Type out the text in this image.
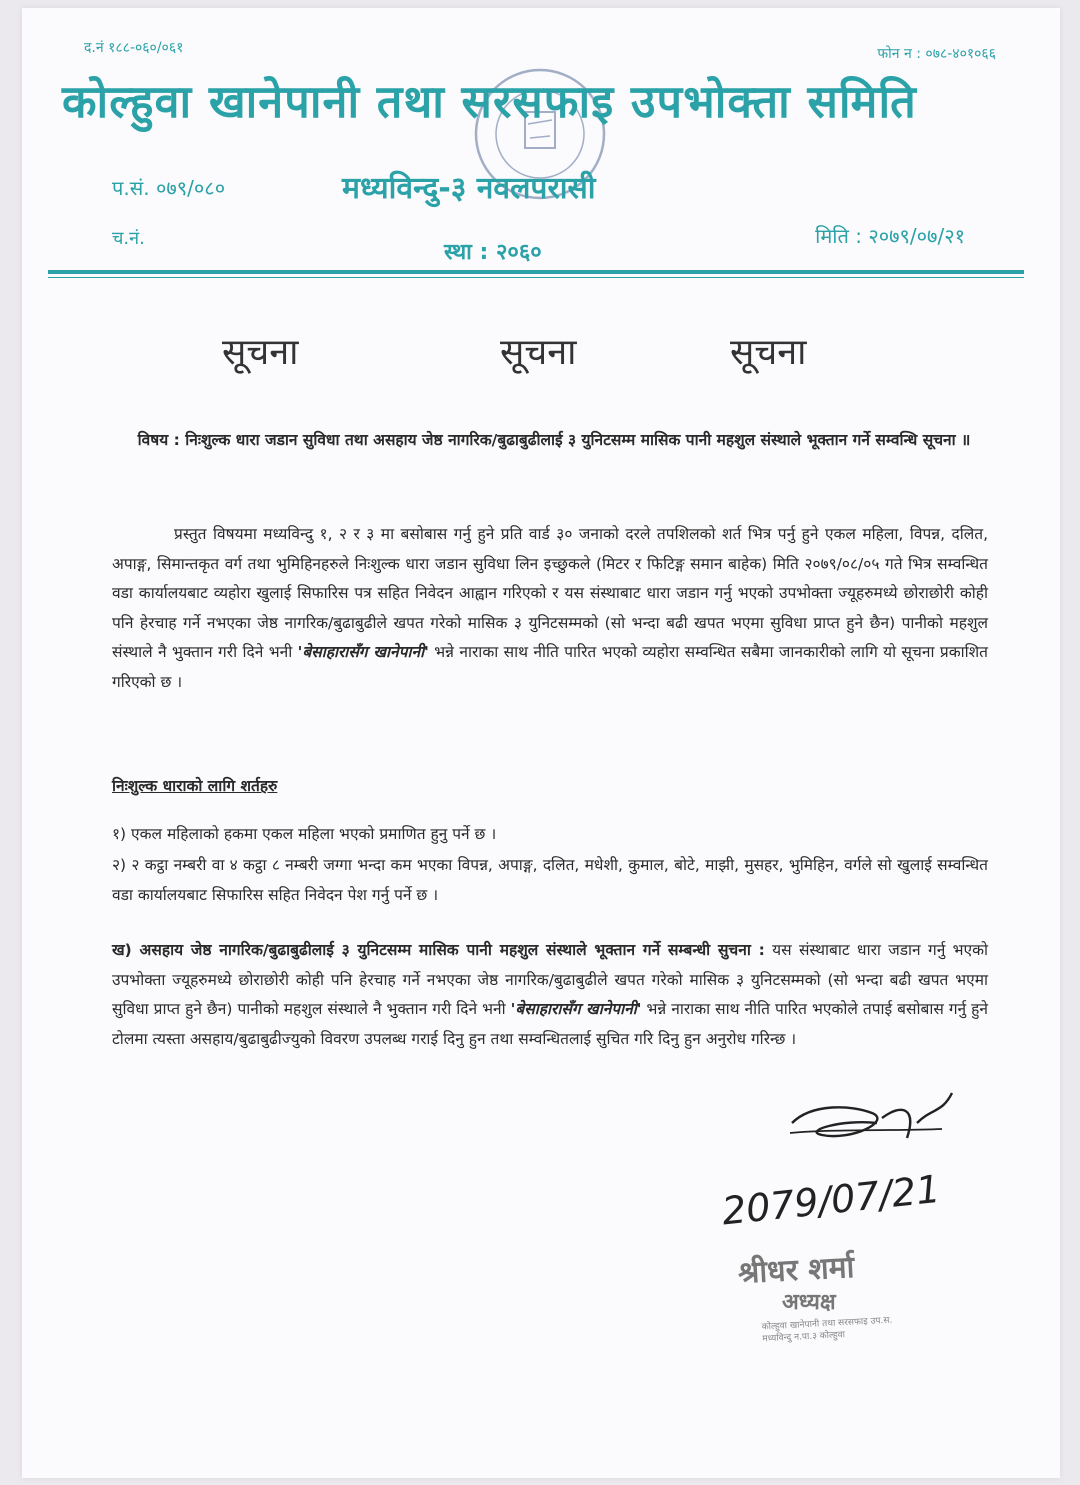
द.नं १८८-०६०/०६१	फोन न : ०७८-४०१०६६
कोल्हुवा खानेपानी तथा सरसफाइ उपभोक्ता समिति
प.सं. ०७९/०८०	मध्यविन्दु-३ नवलपरासी
च.नं.	मिति : २०७९/०७/२१
स्था : २०६०
सूचना	सूचना	सूचना
विषय : निःशुल्क धारा जडान सुविधा तथा असहाय जेष्ठ नागरिक/बुढाबुढीलाई ३ युनिटसम्म मासिक पानी महशुल संस्थाले भूक्तान गर्ने सम्वन्धि सूचना ॥
प्रस्तुत विषयमा मध्यविन्दु १, २ र ३ मा बसोबास गर्नु हुने प्रति वार्ड ३० जनाको दरले तपशिलको शर्त भित्र पर्नु हुने एकल महिला, विपन्न, दलित, अपाङ्ग, सिमान्तकृत वर्ग तथा भुमिहिनहरुले निःशुल्क धारा जडान सुविधा लिन इच्छुकले (मिटर र फिटिङ्ग समान बाहेक) मिति २०७९/०८/०५ गते भित्र सम्वन्धित वडा कार्यालयबाट व्यहोरा खुलाई सिफारिस पत्र सहित निवेदन आह्वान गरिएको र यस संस्थाबाट धारा जडान गर्नु भएको उपभोक्ता ज्यूहरुमध्ये छोराछोरी कोही पनि हेरचाह गर्ने नभएका जेष्ठ नागरिक/बुढाबुढीले खपत गरेको मासिक ३ युनिटसम्मको (सो भन्दा बढी खपत भएमा सुविधा प्राप्त हुने छैन) पानीको महशुल संस्थाले नै भुक्तान गरी दिने भनी 'बेसाहारासँग खानेपानी' भन्ने नाराका साथ नीति पारित भएको व्यहोरा सम्वन्धित सबैमा जानकारीको लागि यो सूचना प्रकाशित गरिएको छ ।
निःशुल्क धाराको लागि शर्तहरु
१) एकल महिलाको हकमा एकल महिला भएको प्रमाणित हुनु पर्ने छ ।
२) २ कट्ठा नम्बरी वा ४ कट्ठा ८ नम्बरी जग्गा भन्दा कम भएका विपन्न, अपाङ्ग, दलित, मधेशी, कुमाल, बोटे, माझी, मुसहर, भुमिहिन, वर्गले सो खुलाई सम्वन्धित वडा कार्यालयबाट सिफारिस सहित निवेदन पेश गर्नु पर्ने छ ।
ख) असहाय जेष्ठ नागरिक/बुढाबुढीलाई ३ युनिटसम्म मासिक पानी महशुल संस्थाले भूक्तान गर्ने सम्बन्धी सुचना : यस संस्थाबाट धारा जडान गर्नु भएको उपभोक्ता ज्यूहरुमध्ये छोराछोरी कोही पनि हेरचाह गर्ने नभएका जेष्ठ नागरिक/बुढाबुढीले खपत गरेको मासिक ३ युनिटसम्मको (सो भन्दा बढी खपत भएमा सुविधा प्राप्त हुने छैन) पानीको महशुल संस्थाले नै भुक्तान गरी दिने भनी 'बेसाहारासँग खानेपानी' भन्ने नाराका साथ नीति पारित भएकोले तपाई बसोबास गर्नु हुने टोलमा त्यस्ता असहाय/बुढाबुढीज्युको विवरण उपलब्ध गराई दिनु हुन तथा सम्वन्धितलाई सुचित गरि दिनु हुन अनुरोध गरिन्छ ।
2079/07/21
श्रीधर शर्मा
अध्यक्ष
कोल्हुवा खानेपानी तथा सरसफाइ उप.स.
मध्यविन्दु न.पा.३ कोल्हुवा
